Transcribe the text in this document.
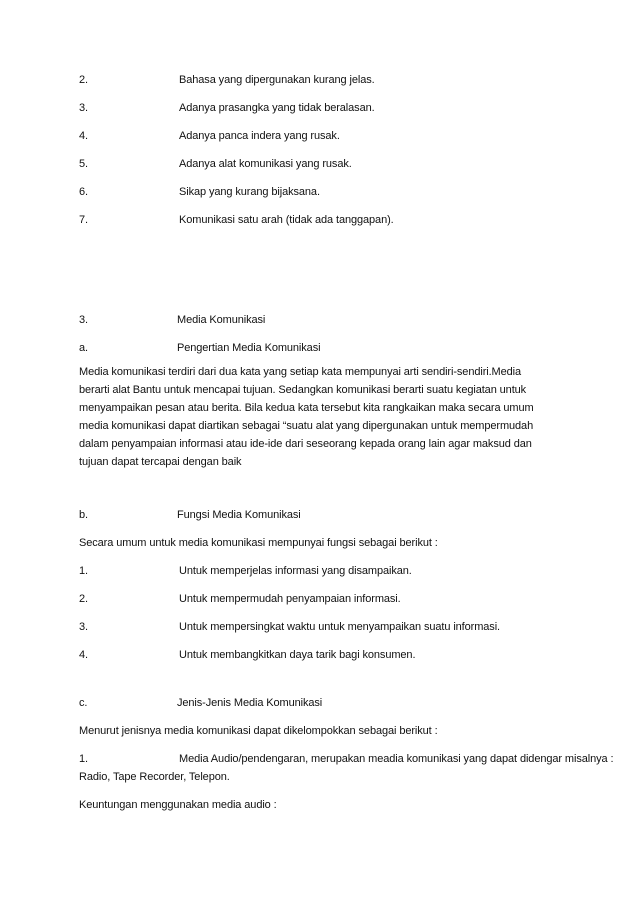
2.	Bahasa yang dipergunakan kurang jelas.
3.	Adanya prasangka yang tidak beralasan.
4.	Adanya panca indera yang rusak.
5.	Adanya alat komunikasi yang rusak.
6.	Sikap yang kurang bijaksana.
7.	Komunikasi satu arah (tidak ada tanggapan).
3.	Media Komunikasi
a.	Pengertian Media Komunikasi
Media komunikasi terdiri dari dua kata yang setiap kata mempunyai arti sendiri-sendiri.Media
berarti alat Bantu untuk mencapai tujuan. Sedangkan komunikasi berarti suatu kegiatan untuk
menyampaikan pesan atau berita. Bila kedua kata tersebut kita rangkaikan maka secara umum
media komunikasi dapat diartikan sebagai “suatu alat yang dipergunakan untuk mempermudah
dalam penyampaian informasi atau ide-ide dari seseorang kepada orang lain agar maksud dan
tujuan dapat tercapai dengan baik
b.	Fungsi Media Komunikasi
Secara umum untuk media komunikasi mempunyai fungsi sebagai berikut :
1.	Untuk memperjelas informasi yang disampaikan.
2.	Untuk mempermudah penyampaian informasi.
3.	Untuk mempersingkat waktu untuk menyampaikan suatu informasi.
4.	Untuk membangkitkan daya tarik bagi konsumen.
c.	Jenis-Jenis Media Komunikasi
Menurut jenisnya media komunikasi dapat dikelompokkan sebagai berikut :
1.	Media Audio/pendengaran, merupakan meadia komunikasi yang dapat didengar misalnya :
Radio, Tape Recorder, Telepon.
Keuntungan menggunakan media audio :
